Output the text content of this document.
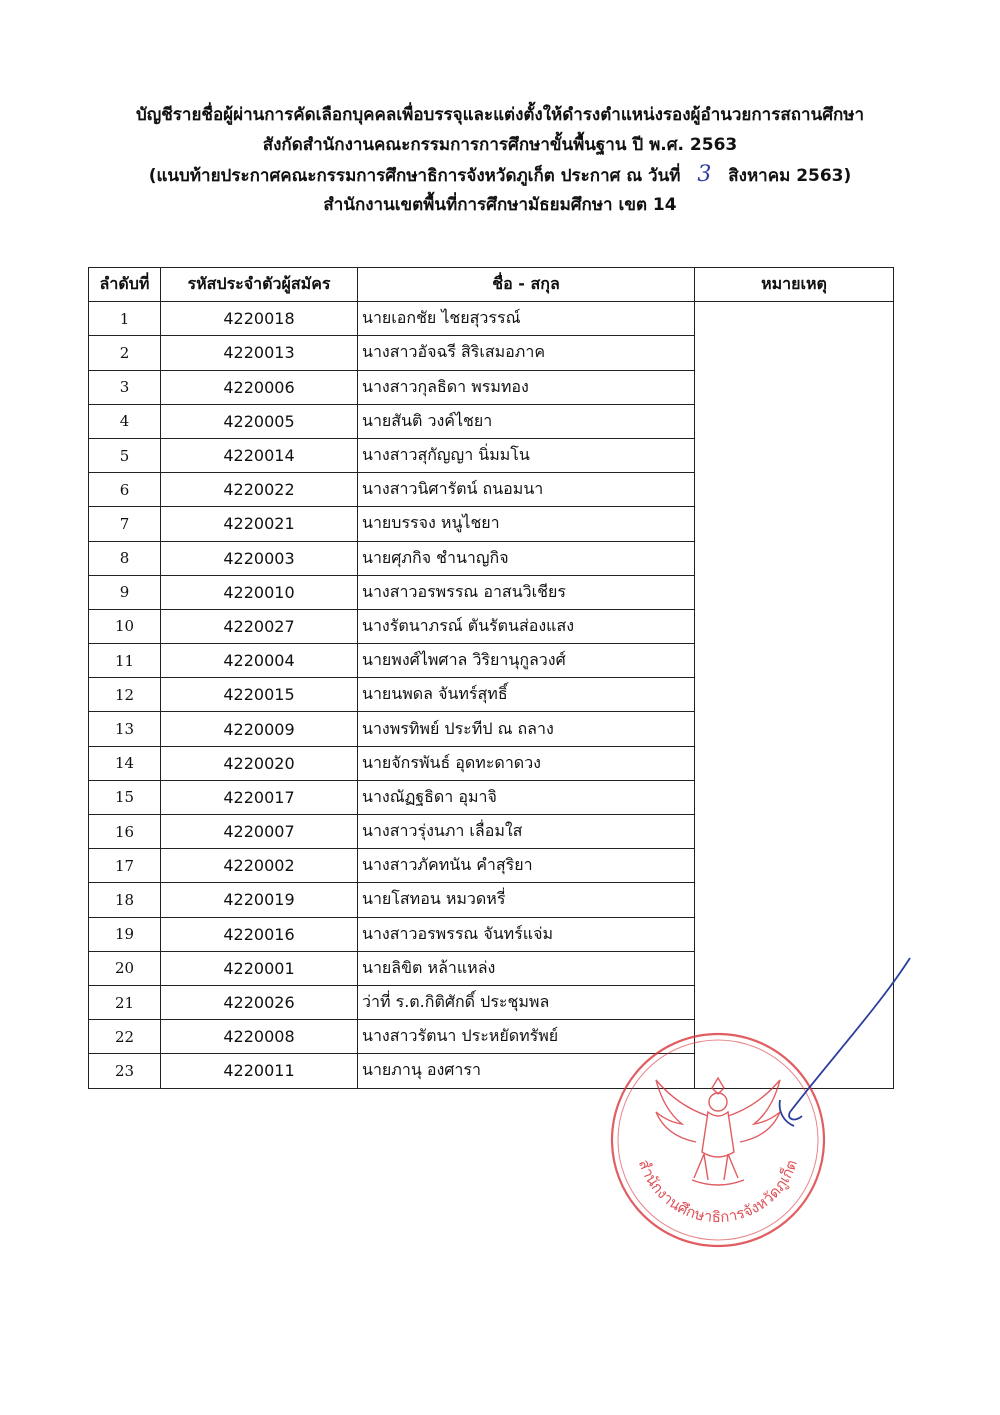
บัญชีรายชื่อผู้ผ่านการคัดเลือกบุคคลเพื่อบรรจุและแต่งตั้งให้ดำรงตำแหน่งรองผู้อำนวยการสถานศึกษา
สังกัดสำนักงานคณะกรรมการการศึกษาขั้นพื้นฐาน ปี พ.ศ. 2563
(แนบท้ายประกาศคณะกรรมการศึกษาธิการจังหวัดภูเก็ต ประกาศ ณ วันที่ 3 สิงหาคม 2563)
สำนักงานเขตพื้นที่การศึกษามัธยมศึกษา เขต 14
ลำดับที่	รหัสประจำตัวผู้สมัคร	ชื่อ - สกุล	หมายเหตุ
1	4220018	นายเอกชัย ไชยสุวรรณ์	
2	4220013	นางสาวอัจฉรี สิริเสมอภาค	
3	4220006	นางสาวกุลธิดา พรมทอง	
4	4220005	นายสันติ วงค์ไชยา	
5	4220014	นางสาวสุกัญญา นิ่มมโน	
6	4220022	นางสาวนิศารัตน์ ถนอมนา	
7	4220021	นายบรรจง หนูไชยา	
8	4220003	นายศุภกิจ ชำนาญกิจ	
9	4220010	นางสาวอรพรรณ อาสนวิเชียร	
10	4220027	นางรัตนาภรณ์ ตันรัตนส่องแสง	
11	4220004	นายพงศ์ไพศาล วิริยานุกูลวงศ์	
12	4220015	นายนพดล จันทร์สุทธิ์	
13	4220009	นางพรทิพย์ ประทีป ณ ถลาง	
14	4220020	นายจักรพันธ์ อุดทะดาดวง	
15	4220017	นางณัฏฐธิดา อุมาจิ	
16	4220007	นางสาวรุ่งนภา เลื่อมใส	
17	4220002	นางสาวภัคทนัน คำสุริยา	
18	4220019	นายโสทอน หมวดหรี่	
19	4220016	นางสาวอรพรรณ จันทร์แจ่ม	
20	4220001	นายลิขิต หล้าแหล่ง	
21	4220026	ว่าที่ ร.ต.กิติศักดิ์ ประชุมพล	
22	4220008	นางสาวรัตนา ประหยัดทรัพย์	
23	4220011	นายภานุ องศารา	
สำนักงานศึกษาธิการจังหวัดภูเก็ต
